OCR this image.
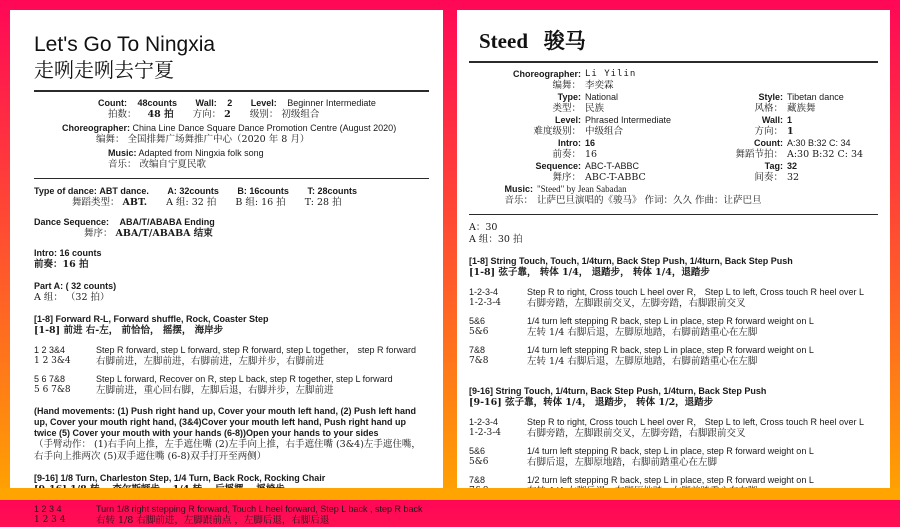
Let's Go To Ningxia
走咧走咧去宁夏
Count: 48counts Wall: 2 Level: Beginner Intermediate
拍数： 48 拍 方向： 2 级别： 初级组合
Choreographer: China Line Dance Square Dance Promotion Centre (August 2020)
编舞： 全国排舞广场舞推广中心（2020 年 8 月）
Music: Adapted from Ningxia folk song
音乐： 改编自宁夏民歌
Type of dance: ABT dance. A: 32counts B: 16counts T: 28counts
舞蹈类型： ABT. A 组: 32 拍 B 组: 16 拍 T: 28 拍
Dance Sequence: ABA/T/ABABA Ending
舞序： ABA/T/ABABA 结束
Intro: 16 counts
前奏：16 拍
Part A: ( 32 counts)
A 组： （32 拍）
[1-8] Forward R-L, Forward shuffle, Rock, Coaster Step
[1-8] 前进 右-左， 前恰恰， 摇摆， 海岸步
1 2 3&4	Step R forward, step L forward, step R forward, step L together， step R forward
1 2 3&4	右脚前进，左脚前进，右脚前进，左脚并步，右脚前进
5 6 7&8	Step L forward, Recover on R, step L back, step R together, step L forward
5 6 7&8	左脚前进，重心回右脚，左脚后退，右脚并步，左脚前进
(Hand movements: (1) Push right hand up, Cover your mouth left hand, (2) Push left hand up, Cover your mouth right hand, (3&4)Cover your mouth left hand, Push right hand up twice (5) Cover your mouth with your hands (6-8))Open your hands to your sides
（手臂动作： (1)右手向上推，左手遮住嘴 (2)左手向上推，右手遮住嘴 (3&4)左手遮住嘴，右手向上推两次 (5)双手遮住嘴 (6-8)双手打开至两侧）
[9-16] 1/8 Turn, Charleston Step, 1/4 Turn, Back Rock, Rocking Chair
1 2 3 4	Turn 1/8 right stepping R forward, Touch L heel forward, Step L back , step R back
1 2 3 4	右转 1/8 右脚前进，左脚跟前点 ，左脚后退，右脚后退
Steed 骏马
Choreographer: Li Yilin
编舞： 李奕霖
Type: National	Style: Tibetan dance
类型： 民族	风格： 藏族舞
Level: Phrased Intermediate	Wall: 1
难度级别： 中级组合	方向： 1
Intro: 16	Count: A:30 B:32 C: 34
前奏： 16	舞蹈节拍： A:30 B:32 C: 34
Sequence: ABC-T-ABBC	Tag: 32
舞序： ABC-T-ABBC	间奏： 32
Music: "Steed" by Jean Sabadan
音乐： 让萨巴旦演唱的《骏马》 作词：久久 作曲：让萨巴旦
A：30
A 组：30 拍
[1-8] String Touch, Touch, 1/4turn, Back Step Push, 1/4turn, Back Step Push
[1-8] 弦子靠， 转体 1/4， 退踏步， 转体 1/4，退踏步
1-2-3-4	Step R to right, Cross touch L heel over R， Step L to left, Cross touch R heel over L
1-2-3-4	右脚旁踏，左脚跟前交叉，左脚旁踏，右脚跟前交叉
5&6	1/4 turn left stepping R back, step L in place, step R forward weight on L
5&6	左转 1/4 右脚后退，左脚原地踏，右脚前踏重心在左脚
7&8	1/4 turn left stepping R back, step L in place, step R forward weight on L
7&8	左转 1/4 右脚后退，左脚原地踏，右脚前踏重心在左脚
[9-16] String Touch, 1/4turn, Back Step Push, 1/4turn, Back Step Push
[9-16] 弦子靠，转体 1/4， 退踏步， 转体 1/2，退踏步
1-2-3-4	Step R to right, Cross touch L heel over R， Step L to left, Cross touch R heel over L
1-2-3-4	右脚旁踏，左脚跟前交叉，左脚旁踏，右脚跟前交叉
5&6	1/4 turn left stepping R back, step L in place, step R forward weight on L
5&6	右脚后退，左脚原地踏，右脚前踏重心在左脚
7&8	1/2 turn left stepping R back, step L in place, step R forward weight on L
